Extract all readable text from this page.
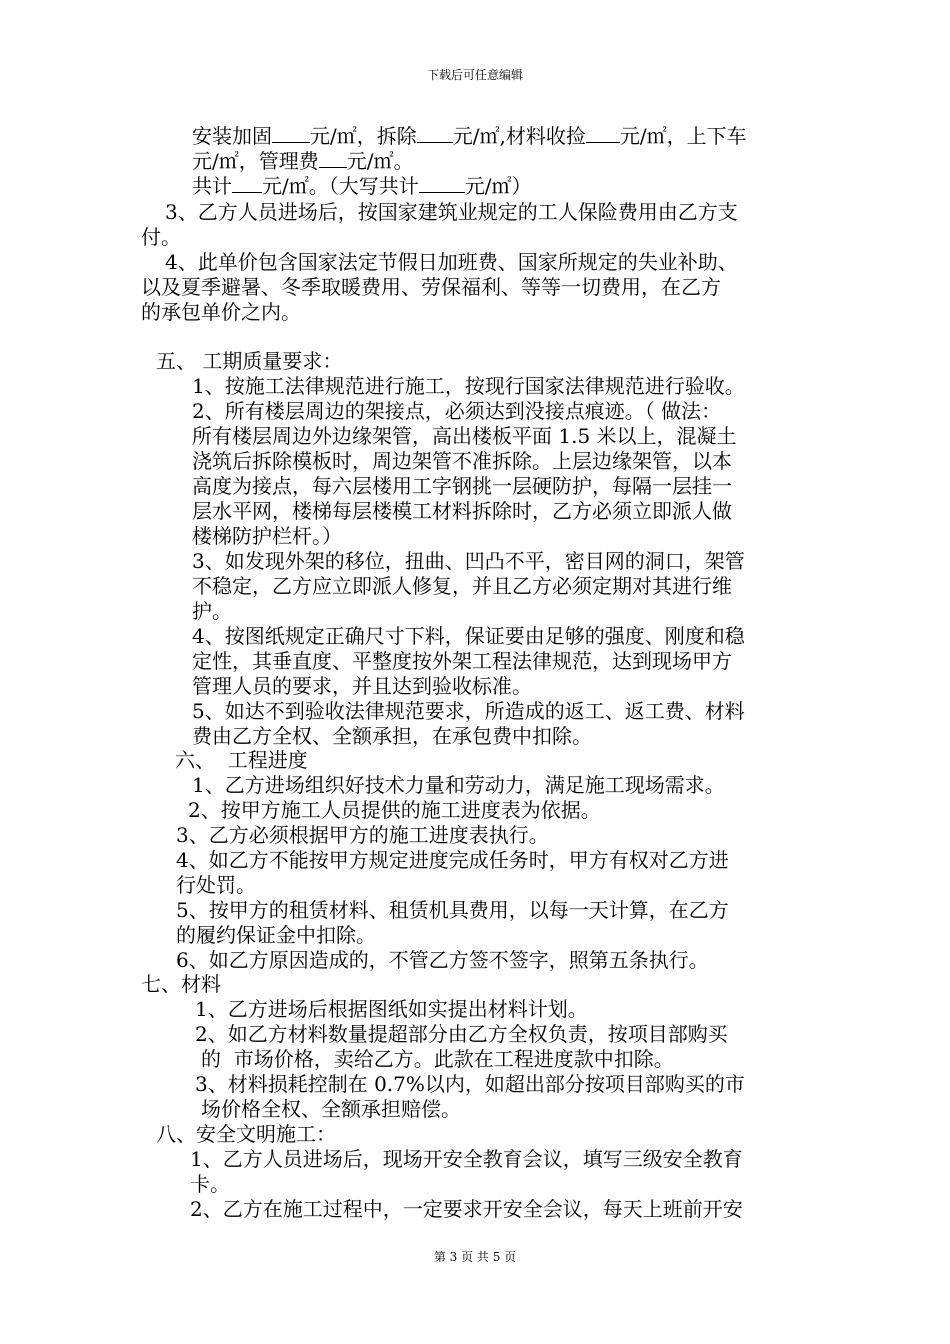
下载后可任意编辑
安装加固 元/㎡，拆除 元/㎡,材料收捡 元/㎡，上下车
元/㎡，管理费 元/㎡。
共计 元/㎡。（大写共计 元/㎡）
3、乙方人员进场后，按国家建筑业规定的工人保险费用由乙方支
付。
4、此单价包含国家法定节假日加班费、国家所规定的失业补助、
以及夏季避暑、冬季取暖费用、劳保福利、等等一切费用，在乙方
的承包单价之内。
五、 工期质量要求：
1、按施工法律规范进行施工，按现行国家法律规范进行验收。
2、所有楼层周边的架接点，必须达到没接点痕迹。（ 做法：
所有楼层周边外边缘架管，高出楼板平面 1.5 米以上，混凝土
浇筑后拆除模板时，周边架管不准拆除。上层边缘架管，以本
高度为接点，每六层楼用工字钢挑一层硬防护，每隔一层挂一
层水平网，楼梯每层楼模工材料拆除时，乙方必须立即派人做
楼梯防护栏杆。）
3、如发现外架的移位，扭曲、凹凸不平，密目网的洞口，架管
不稳定，乙方应立即派人修复，并且乙方必须定期对其进行维
护。
4、按图纸规定正确尺寸下料，保证要由足够的强度、刚度和稳
定性，其垂直度、平整度按外架工程法律规范，达到现场甲方
管理人员的要求，并且达到验收标准。
5、如达不到验收法律规范要求，所造成的返工、返工费、材料
费由乙方全权、全额承担，在承包费中扣除。
六、  工程进度
1、乙方进场组织好技术力量和劳动力，满足施工现场需求。
2、按甲方施工人员提供的施工进度表为依据。
3、乙方必须根据甲方的施工进度表执行。
4、如乙方不能按甲方规定进度完成任务时，甲方有权对乙方进
行处罚。
5、按甲方的租赁材料、租赁机具费用，以每一天计算，在乙方
的履约保证金中扣除。
6、如乙方原因造成的，不管乙方签不签字，照第五条执行。
七、材料
1、乙方进场后根据图纸如实提出材料计划。
2、如乙方材料数量提超部分由乙方全权负责，按项目部购买
的  市场价格，卖给乙方。此款在工程进度款中扣除。
3、材料损耗控制在 0.7%以内，如超出部分按项目部购买的市
场价格全权、全额承担赔偿。
八、安全文明施工：
1、乙方人员进场后，现场开安全教育会议，填写三级安全教育
卡。
2、乙方在施工过程中，一定要求开安全会议，每天上班前开安
第 3 页 共 5 页
